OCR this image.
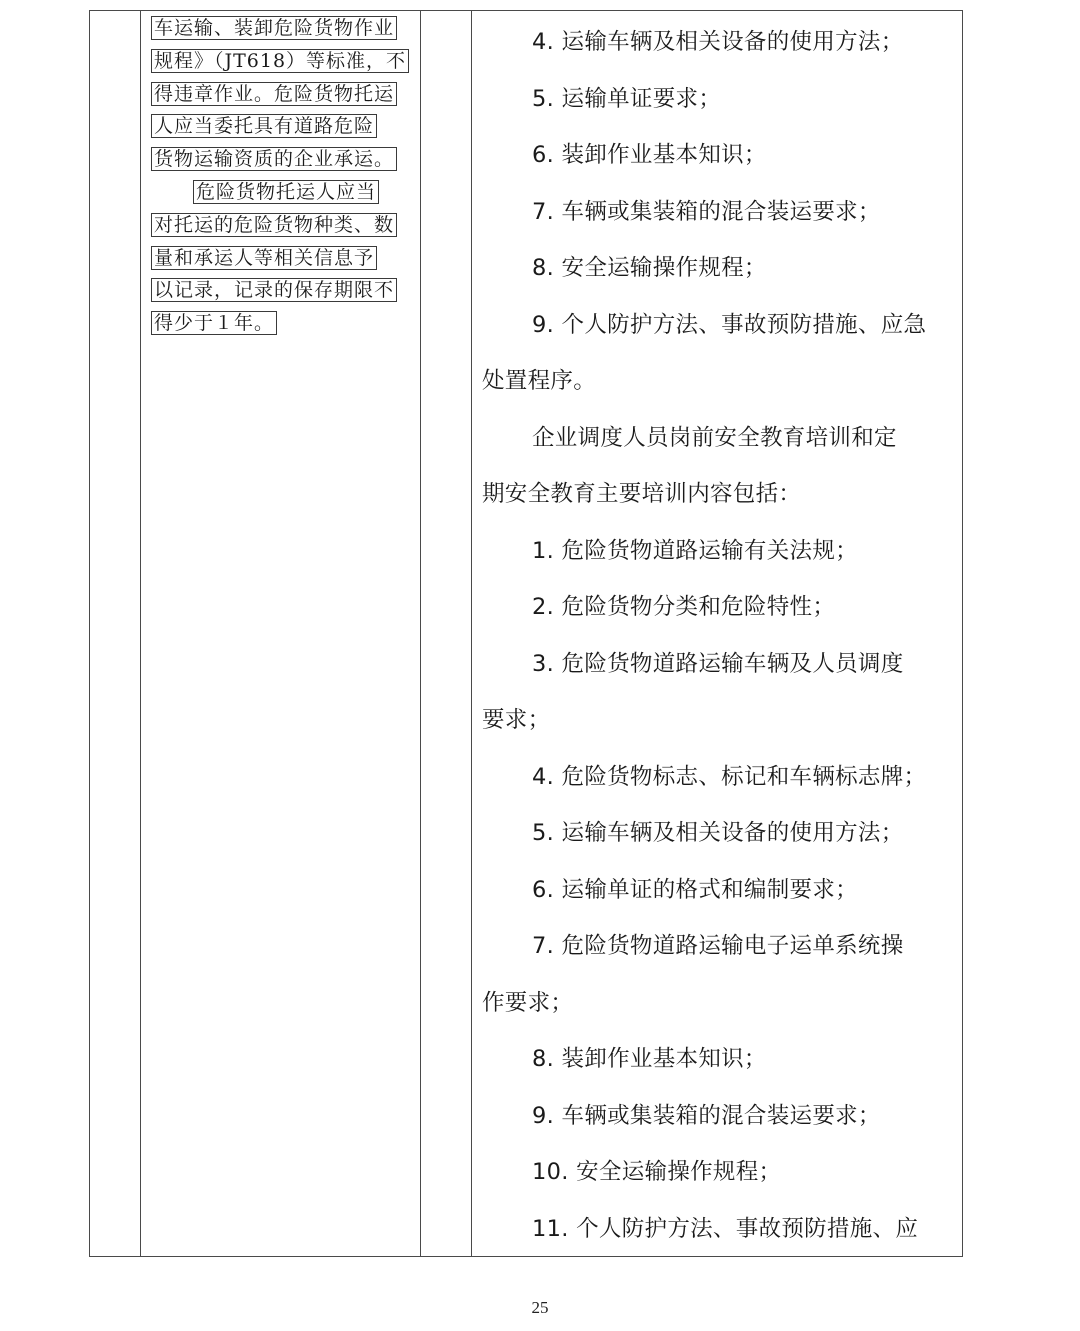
车运输、装卸危险货物作业
规程》（JT618）等标准，不
得违章作业。危险货物托运
人应当委托具有道路危险
货物运输资质的企业承运。
危险货物托运人应当
对托运的危险货物种类、数
量和承运人等相关信息予
以记录，记录的保存期限不
得少于１年。
4. 运输车辆及相关设备的使用方法；
5. 运输单证要求；
6. 装卸作业基本知识；
7. 车辆或集装箱的混合装运要求；
8. 安全运输操作规程；
9. 个人防护方法、事故预防措施、应急
处置程序。
企业调度人员岗前安全教育培训和定
期安全教育主要培训内容包括：
1. 危险货物道路运输有关法规；
2. 危险货物分类和危险特性；
3. 危险货物道路运输车辆及人员调度
要求；
4. 危险货物标志、标记和车辆标志牌；
5. 运输车辆及相关设备的使用方法；
6. 运输单证的格式和编制要求；
7. 危险货物道路运输电子运单系统操
作要求；
8. 装卸作业基本知识；
9. 车辆或集装箱的混合装运要求；
10. 安全运输操作规程；
11. 个人防护方法、事故预防措施、应
25
